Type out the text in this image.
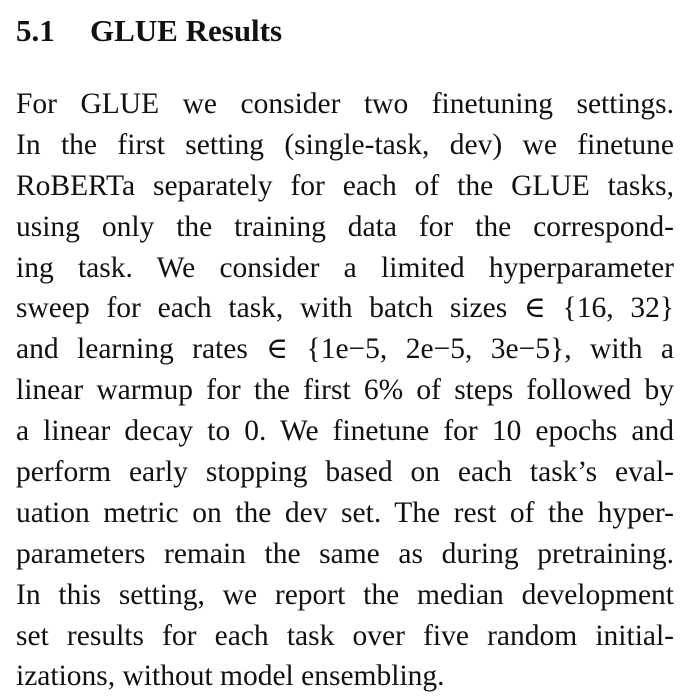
5.1 GLUE Results
For GLUE we consider two finetuning settings.
In the first setting (single-task, dev) we finetune
RoBERTa separately for each of the GLUE tasks,
using only the training data for the correspond-
ing task. We consider a limited hyperparameter
sweep for each task, with batch sizes ∈ {16, 32}
and learning rates ∈ {1e−5, 2e−5, 3e−5}, with a
linear warmup for the first 6% of steps followed by
a linear decay to 0. We finetune for 10 epochs and
perform early stopping based on each task’s eval-
uation metric on the dev set. The rest of the hyper-
parameters remain the same as during pretraining.
In this setting, we report the median development
set results for each task over five random initial-
izations, without model ensembling.
